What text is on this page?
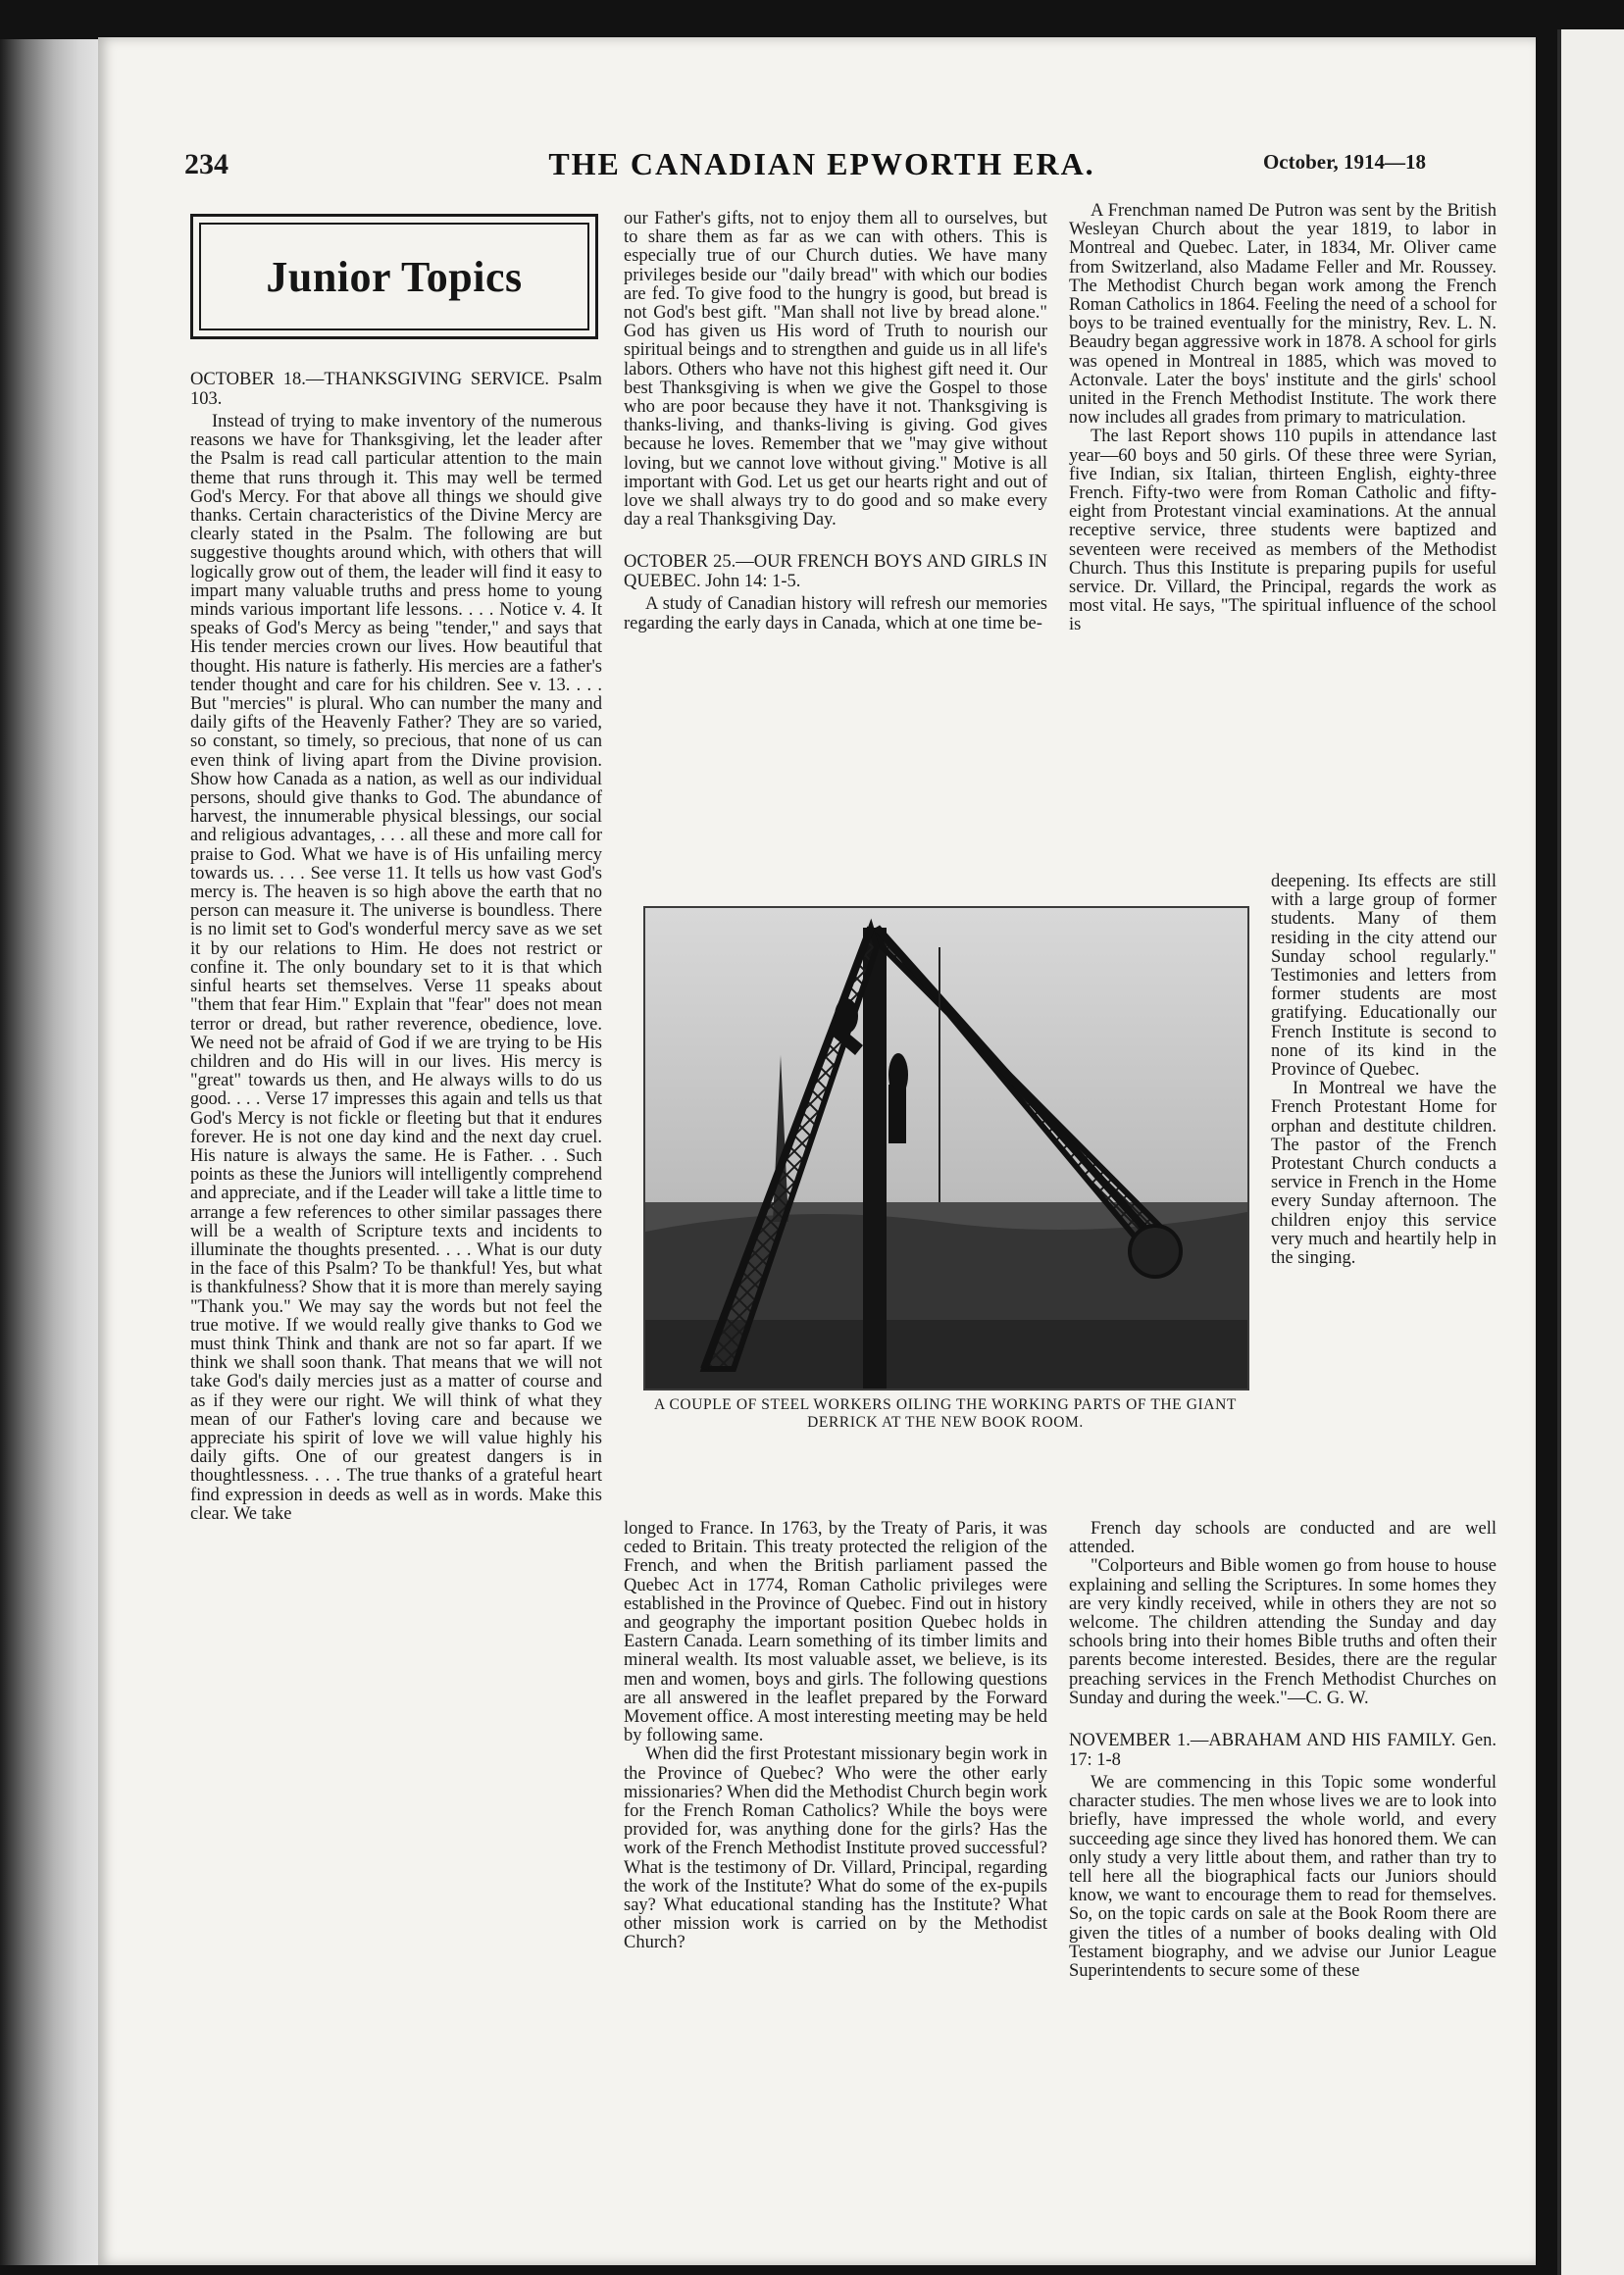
234	THE CANADIAN EPWORTH ERA.	October, 1914—18
Junior Topics
OCTOBER 18.—THANKSGIVING SERVICE. Psalm 103.

Instead of trying to make inventory of the numerous reasons we have for Thanksgiving, let the leader after the Psalm is read call particular attention to the main theme that runs through it. This may well be termed God's Mercy. For that above all things we should give thanks. Certain characteristics of the Divine Mercy are clearly stated in the Psalm. The following are but suggestive thoughts around which, with others that will logically grow out of them, the leader will find it easy to impart many valuable truths and press home to young minds various important life lessons. . . . Notice v. 4. It speaks of God's Mercy as being "tender," and says that His tender mercies crown our lives. How beautiful that thought. His nature is fatherly. His mercies are a father's tender thought and care for his children. See v. 13. . . . But "mercies" is plural. Who can number the many and daily gifts of the Heavenly Father? They are so varied, so constant, so timely, so precious, that none of us can even think of living apart from the Divine provision. Show how Canada as a nation, as well as our individual persons, should give thanks to God. The abundance of harvest, the innumerable physical blessings, our social and religious advantages, . . . all these and more call for praise to God. What we have is of His unfailing mercy towards us. . . . See verse 11. It tells us how vast God's mercy is. The heaven is so high above the earth that no person can measure it. The universe is boundless. There is no limit set to God's wonderful mercy save as we set it by our relations to Him. He does not restrict or confine it. The only boundary set to it is that which sinful hearts set themselves. Verse 11 speaks about "them that fear Him." Explain that "fear" does not mean terror or dread, but rather reverence, obedience, love. We need not be afraid of God if we are trying to be His children and do His will in our lives. His mercy is "great" towards us then, and He always wills to do us good. . . . Verse 17 impresses this again and tells us that God's Mercy is not fickle or fleeting but that it endures forever. He is not one day kind and the next day cruel. His nature is always the same. He is Father. . . Such points as these the Juniors will intelligently comprehend and appreciate, and if the Leader will take a little time to arrange a few references to other similar passages there will be a wealth of Scripture texts and incidents to illuminate the thoughts presented. . . . What is our duty in the face of this Psalm? To be thankful! Yes, but what is thankfulness? Show that it is more than merely saying "Thank you." We may say the words but not feel the true motive. If we would really give thanks to God we must think Think and thank are not so far apart. If we think we shall soon thank. That means that we will not take God's daily mercies just as a matter of course and as if they were our right. We will think of what they mean of our Father's loving care and because we appreciate his spirit of love we will value highly his daily gifts. One of our greatest dangers is in thoughtlessness. . . . The true thanks of a grateful heart find expression in deeds as well as in words. Make this clear. We take

our Father's gifts, not to enjoy them all to ourselves, but to share them as far as we can with others. This is especially true of our Church duties. We have many privileges beside our "daily bread" with which our bodies are fed. To give food to the hungry is good, but bread is not God's best gift. "Man shall not live by bread alone." God has given us His word of Truth to nourish our spiritual beings and to strengthen and guide us in all life's labors. Others who have not this highest gift need it. Our best Thanksgiving is when we give the Gospel to those who are poor because they have it not. Thanksgiving is thanks-living, and thanks-living is giving. God gives because he loves. Remember that we "may give without loving, but we cannot love without giving." Motive is all important with God. Let us get our hearts right and out of love we shall always try to do good and so make every day a real Thanksgiving Day.

OCTOBER 25.—OUR FRENCH BOYS AND GIRLS IN QUEBEC. John 14: 1-5.

A study of Canadian history will refresh our memories regarding the early days in Canada, which at one time be-

A COUPLE OF STEEL WORKERS OILING THE WORKING PARTS OF THE GIANT DERRICK AT THE NEW BOOK ROOM.

longed to France. In 1763, by the Treaty of Paris, it was ceded to Britain. This treaty protected the religion of the French, and when the British parliament passed the Quebec Act in 1774, Roman Catholic privileges were established in the Province of Quebec. Find out in history and geography the important position Quebec holds in Eastern Canada. Learn something of its timber limits and mineral wealth. Its most valuable asset, we believe, is its men and women, boys and girls. The following questions are all answered in the leaflet prepared by the Forward Movement office. A most interesting meeting may be held by following same.

When did the first Protestant missionary begin work in the Province of Quebec? Who were the other early missionaries? When did the Methodist Church begin work for the French Roman Catholics? While the boys were provided for, was anything done for the girls? Has the work of the French Methodist Institute proved successful? What is the testimony of Dr. Villard, Principal, regarding the work of the Institute? What do some of the ex-pupils say? What educational standing has the Institute? What other mission work is carried on by the Methodist Church?

A Frenchman named De Putron was sent by the British Wesleyan Church about the year 1819, to labor in Montreal and Quebec. Later, in 1834, Mr. Oliver came from Switzerland, also Madame Feller and Mr. Roussey. The Methodist Church began work among the French Roman Catholics in 1864. Feeling the need of a school for boys to be trained eventually for the ministry, Rev. L. N. Beaudry began aggressive work in 1878. A school for girls was opened in Montreal in 1885, which was moved to Actonvale. Later the boys' institute and the girls' school united in the French Methodist Institute. The work there now includes all grades from primary to matriculation.

The last Report shows 110 pupils in attendance last year—60 boys and 50 girls. Of these three were Syrian, five Indian, six Italian, thirteen English, eighty-three French. Fifty-two were from Roman Catholic and fifty-eight from Protestant vincial examinations. At the annual receptive service, three students were baptized and seventeen were received as members of the Methodist Church. Thus this Institute is preparing pupils for useful service. Dr. Villard, the Principal, regards the work as most vital. He says, "The spiritual influence of the school is

deepening. Its effects are still with a large group of former students. Many of them residing in the city attend our Sunday school regularly." Testimonies and letters from former students are most gratifying. Educationally our French Institute is second to none of its kind in the Province of Quebec.

In Montreal we have the French Protestant Home for orphan and destitute children. The pastor of the French Protestant Church conducts a service in French in the Home every Sunday afternoon. The children enjoy this service very much and heartily help in the singing.

French day schools are conducted and are well attended.

"Colporteurs and Bible women go from house to house explaining and selling the Scriptures. In some homes they are very kindly received, while in others they are not so welcome. The children attending the Sunday and day schools bring into their homes Bible truths and often their parents become interested. Besides, there are the regular preaching services in the French Methodist Churches on Sunday and during the week."—C. G. W.

NOVEMBER 1.—ABRAHAM AND HIS FAMILY. Gen. 17: 1-8

We are commencing in this Topic some wonderful character studies. The men whose lives we are to look into briefly, have impressed the whole world, and every succeeding age since they lived has honored them. We can only study a very little about them, and rather than try to tell here all the biographical facts our Juniors should know, we want to encourage them to read for themselves. So, on the topic cards on sale at the Book Room there are given the titles of a number of books dealing with Old Testament biography, and we advise our Junior League Superintendents to secure some of these
